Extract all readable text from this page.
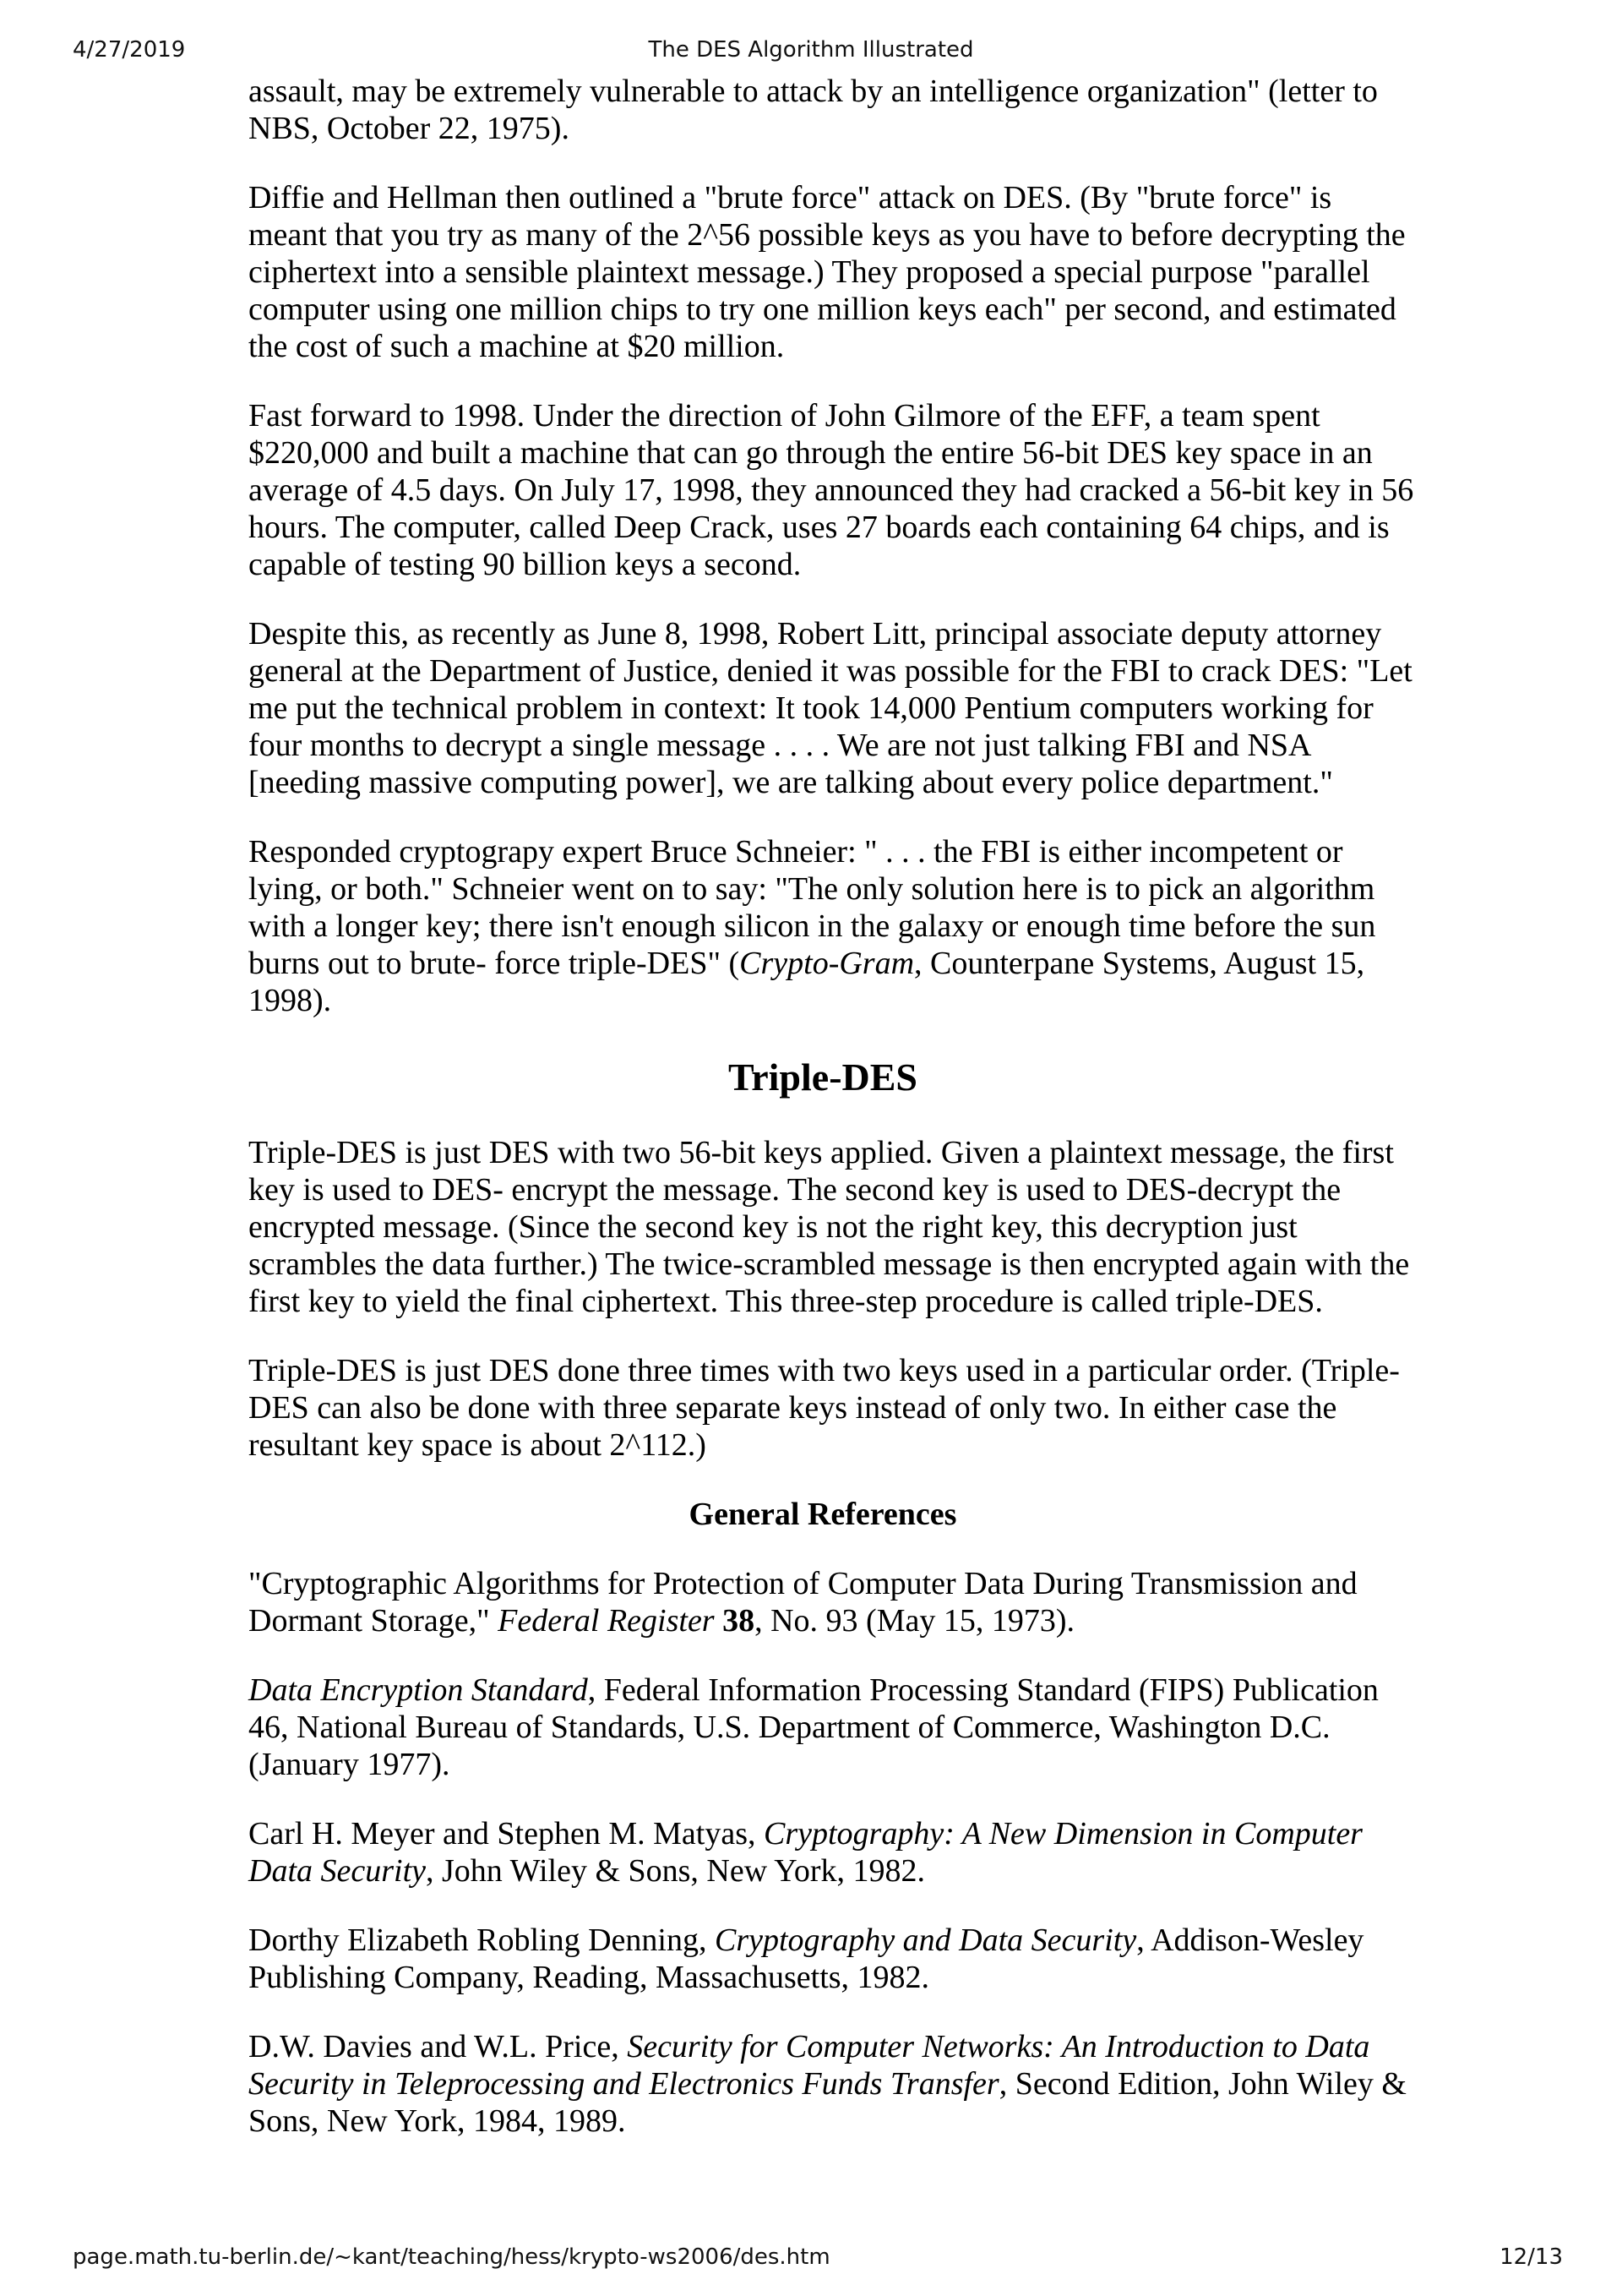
4/27/2019	The DES Algorithm Illustrated

assault, may be extremely vulnerable to attack by an intelligence organization" (letter to NBS, October 22, 1975).

Diffie and Hellman then outlined a "brute force" attack on DES. (By "brute force" is meant that you try as many of the 2^56 possible keys as you have to before decrypting the ciphertext into a sensible plaintext message.) They proposed a special purpose "parallel computer using one million chips to try one million keys each" per second, and estimated the cost of such a machine at $20 million.

Fast forward to 1998. Under the direction of John Gilmore of the EFF, a team spent $220,000 and built a machine that can go through the entire 56-bit DES key space in an average of 4.5 days. On July 17, 1998, they announced they had cracked a 56-bit key in 56 hours. The computer, called Deep Crack, uses 27 boards each containing 64 chips, and is capable of testing 90 billion keys a second.

Despite this, as recently as June 8, 1998, Robert Litt, principal associate deputy attorney general at the Department of Justice, denied it was possible for the FBI to crack DES: "Let me put the technical problem in context: It took 14,000 Pentium computers working for four months to decrypt a single message . . . . We are not just talking FBI and NSA [needing massive computing power], we are talking about every police department."

Responded cryptograpy expert Bruce Schneier: " . . . the FBI is either incompetent or lying, or both." Schneier went on to say: "The only solution here is to pick an algorithm with a longer key; there isn't enough silicon in the galaxy or enough time before the sun burns out to brute- force triple-DES" (Crypto-Gram, Counterpane Systems, August 15, 1998).

Triple-DES

Triple-DES is just DES with two 56-bit keys applied. Given a plaintext message, the first key is used to DES- encrypt the message. The second key is used to DES-decrypt the encrypted message. (Since the second key is not the right key, this decryption just scrambles the data further.) The twice-scrambled message is then encrypted again with the first key to yield the final ciphertext. This three-step procedure is called triple-DES.

Triple-DES is just DES done three times with two keys used in a particular order. (Triple-DES can also be done with three separate keys instead of only two. In either case the resultant key space is about 2^112.)

General References

"Cryptographic Algorithms for Protection of Computer Data During Transmission and Dormant Storage," Federal Register 38, No. 93 (May 15, 1973).

Data Encryption Standard, Federal Information Processing Standard (FIPS) Publication 46, National Bureau of Standards, U.S. Department of Commerce, Washington D.C. (January 1977).

Carl H. Meyer and Stephen M. Matyas, Cryptography: A New Dimension in Computer Data Security, John Wiley & Sons, New York, 1982.

Dorthy Elizabeth Robling Denning, Cryptography and Data Security, Addison-Wesley Publishing Company, Reading, Massachusetts, 1982.

D.W. Davies and W.L. Price, Security for Computer Networks: An Introduction to Data Security in Teleprocessing and Electronics Funds Transfer, Second Edition, John Wiley & Sons, New York, 1984, 1989.

page.math.tu-berlin.de/~kant/teaching/hess/krypto-ws2006/des.htm	12/13
